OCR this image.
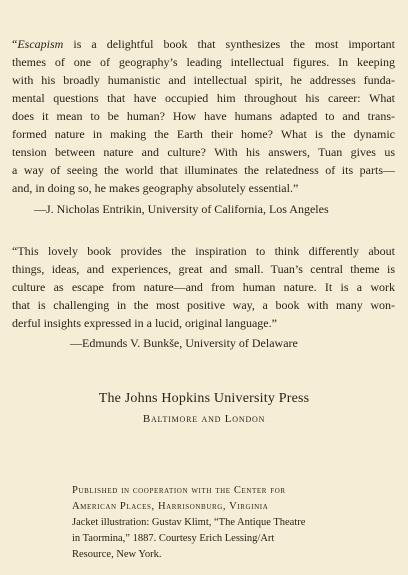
“Escapism is a delightful book that synthesizes the most important
themes of one of geography’s leading intellectual figures. In keeping
with his broadly humanistic and intellectual spirit, he addresses funda-
mental questions that have occupied him throughout his career: What
does it mean to be human? How have humans adapted to and trans-
formed nature in making the Earth their home? What is the dynamic
tension between nature and culture? With his answers, Tuan gives us
a way of seeing the world that illuminates the relatedness of its parts—
and, in doing so, he makes geography absolutely essential.”
—J. Nicholas Entrikin, University of California, Los Angeles
“This lovely book provides the inspiration to think differently about
things, ideas, and experiences, great and small. Tuan’s central theme is
culture as escape from nature—and from human nature. It is a work
that is challenging in the most positive way, a book with many won-
derful insights expressed in a lucid, original language.”
—Edmunds V. Bunkše, University of Delaware
The Johns Hopkins University Press
Baltimore and London
Published in cooperation with the Center for
American Places, Harrisonburg, Virginia
Jacket illustration: Gustav Klimt, “The Antique Theatre
in Taormina,” 1887. Courtesy Erich Lessing/Art
Resource, New York.
